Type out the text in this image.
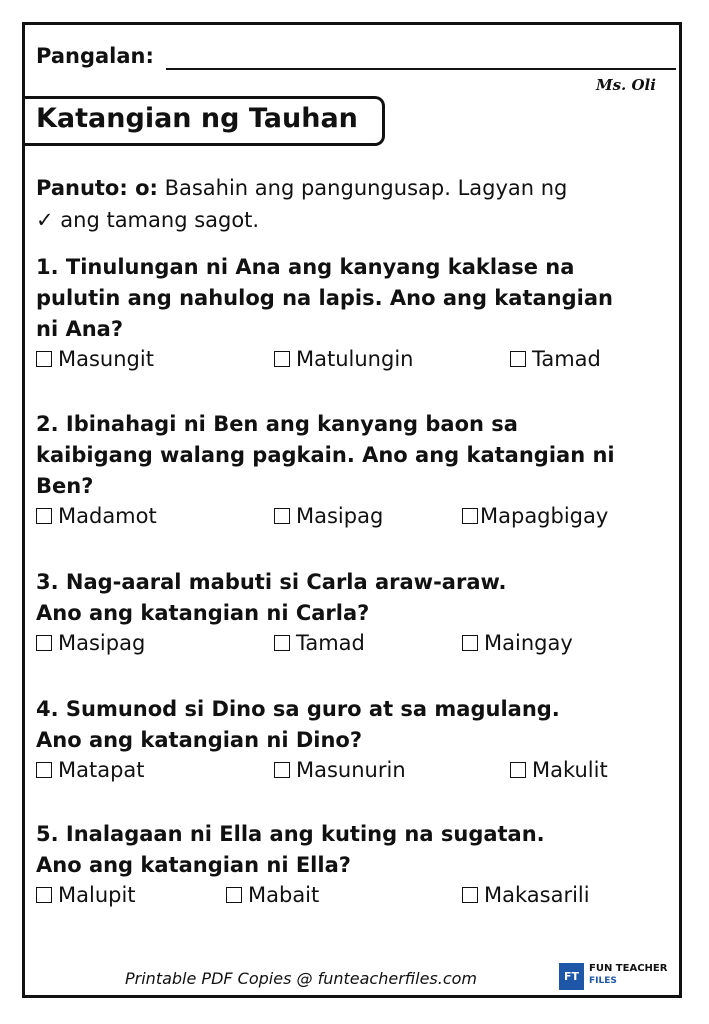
Pangalan:
Ms. Oli
Katangian ng Tauhan
Panuto: o: Basahin ang pangungusap. Lagyan ng
✓ ang tamang sagot.

1. Tinulungan ni Ana ang kanyang kaklase na
pulutin ang nahulog na lapis. Ano ang katangian
ni Ana?

Masungit	Matulungin	Tamad

2. Ibinahagi ni Ben ang kanyang baon sa
kaibigang walang pagkain. Ano ang katangian ni
Ben?

Madamot	Masipag	Mapagbigay

3. Nag-aaral mabuti si Carla araw-araw.
Ano ang katangian ni Carla?

Masipag	Tamad	Maingay

4. Sumunod si Dino sa guro at sa magulang.
Ano ang katangian ni Dino?

Matapat	Masunurin	Makulit

5. Inalagaan ni Ella ang kuting na sugatan.
Ano ang katangian ni Ella?

Malupit	Mabait	Makasarili
Printable PDF Copies @ funteacherfiles.com	FT
FUN TEACHER
FILES
